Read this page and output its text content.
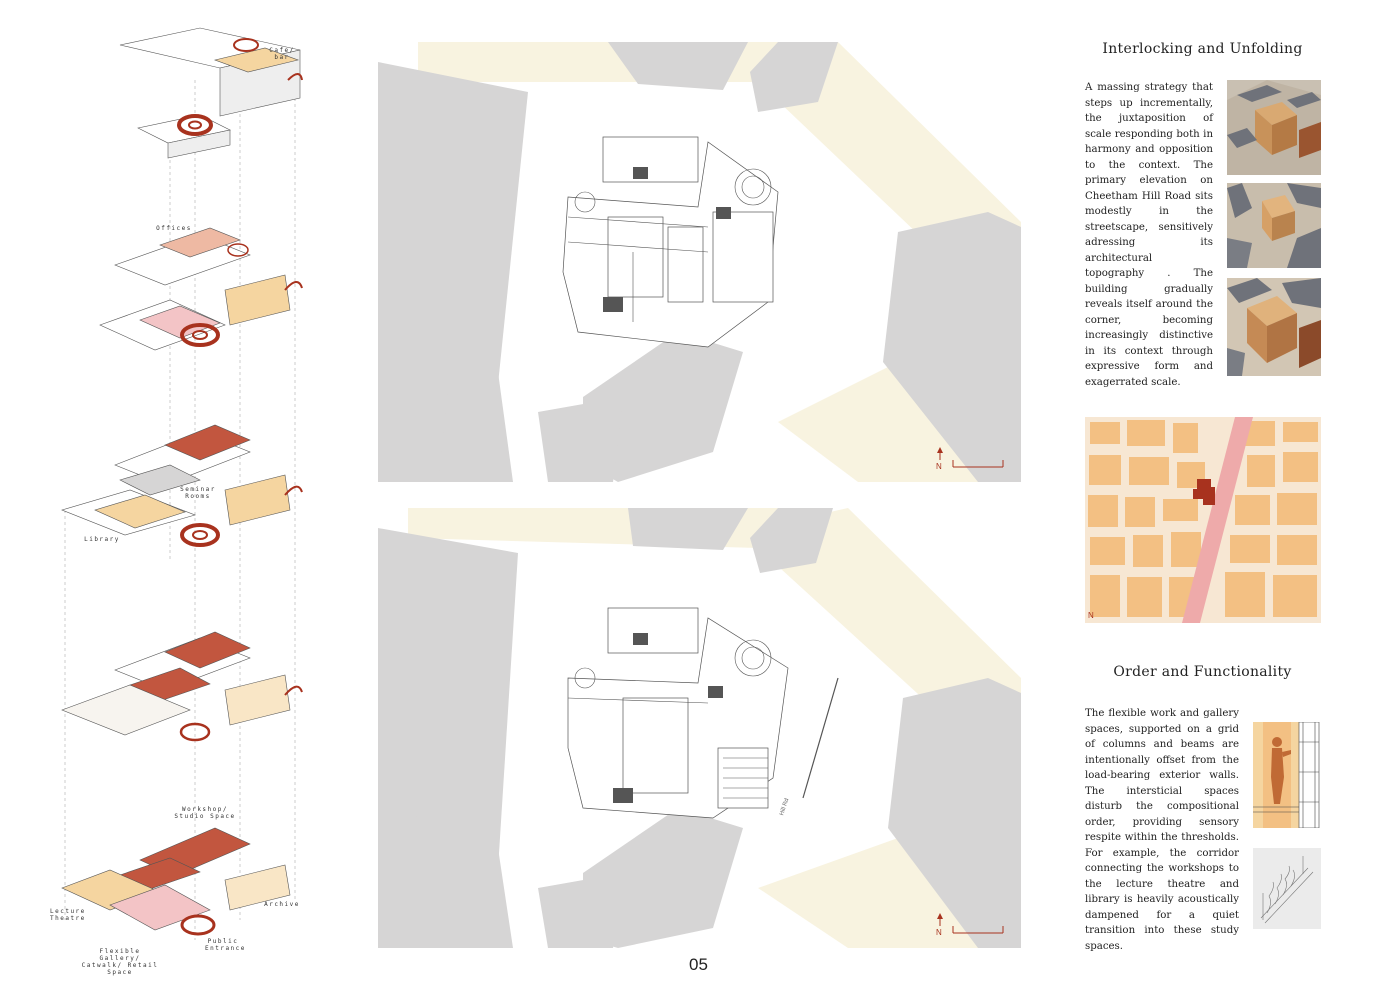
Cafe/ bar
Offices
Seminar Rooms
Library
Workshop/ Studio Space
Lecture Theatre
Archive
Public Entrance
Flexible Gallery/ Catwalk/ Retail Space
N
Hill Rd
N
05
Interlocking and Unfolding
A massing strategy that steps up incrementally, the juxtaposition of scale responding both in harmony and opposition to the context. The primary elevation on Cheetham Hill Road sits modestly in the streetscape, sensitively adressing its architectural topography . The building gradually reveals itself around the corner, becoming increasingly distinctive in its context through expressive form and exagerrated scale.
N
Order and Functionality
The flexible work and gallery spaces, supported on a grid of columns and beams are intentionally offset from the load-bearing exterior walls. The intersticial spaces disturb the compositional order, providing sensory respite within the thresholds. For example, the corridor connecting the workshops to the lecture theatre and library is heavily acoustically dampened for a quiet transition into these study spaces.
